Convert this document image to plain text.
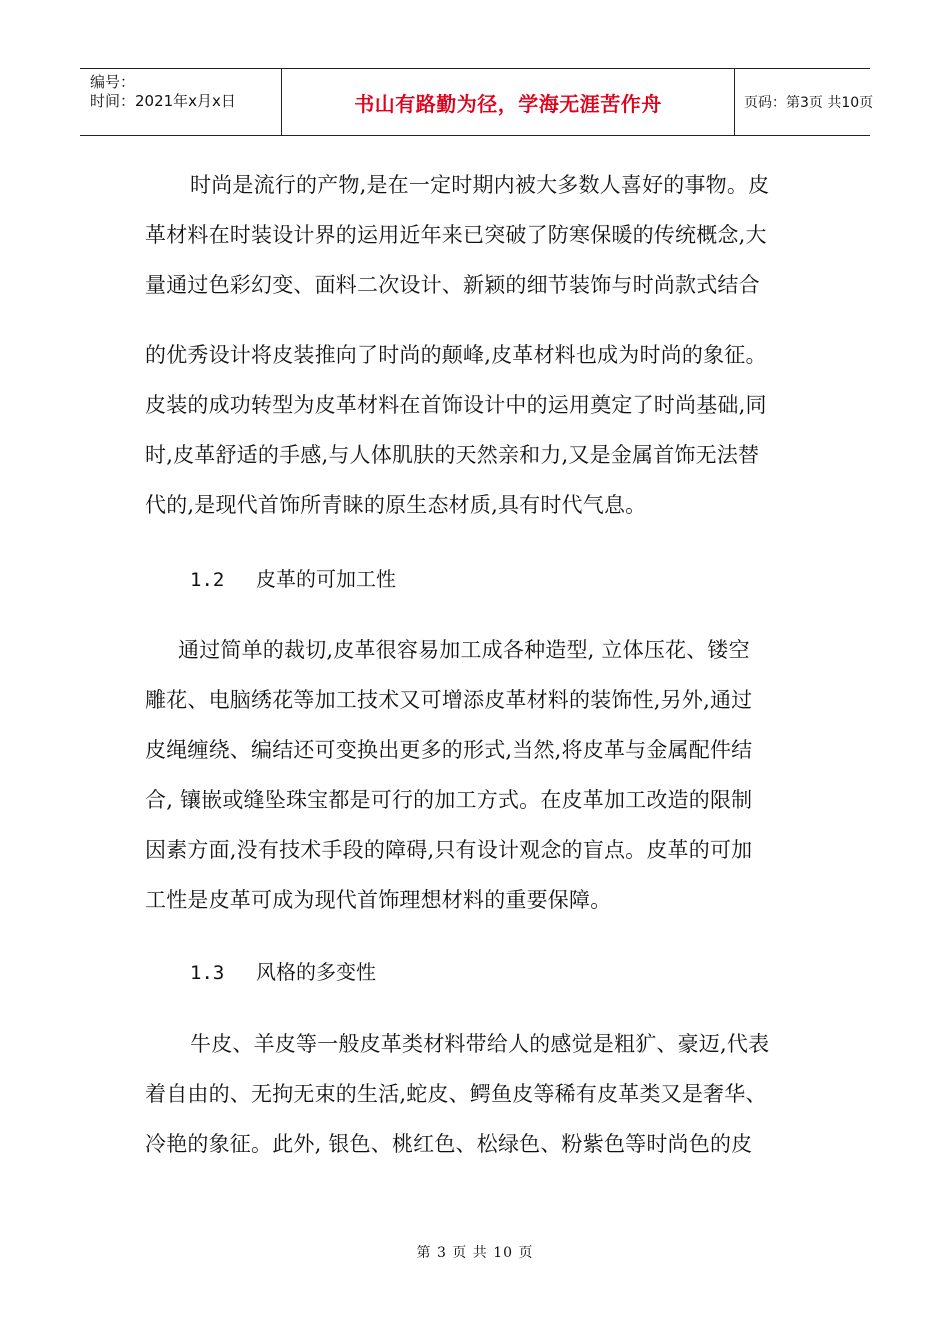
编号：
时间：2021年x月x日	书山有路勤为径，学海无涯苦作舟	页码：第3页 共10页
时尚是流行的产物,是在一定时期内被大多数人喜好的事物。皮
革材料在时装设计界的运用近年来已突破了防寒保暖的传统概念,大
量通过色彩幻变、面料二次设计、新颖的细节装饰与时尚款式结合
的优秀设计将皮装推向了时尚的颠峰,皮革材料也成为时尚的象征。
皮装的成功转型为皮革材料在首饰设计中的运用奠定了时尚基础,同
时,皮革舒适的手感,与人体肌肤的天然亲和力,又是金属首饰无法替
代的,是现代首饰所青睐的原生态材质,具有时代气息。
1.2 皮革的可加工性
通过简单的裁切,皮革很容易加工成各种造型, 立体压花、镂空
雕花、电脑绣花等加工技术又可增添皮革材料的装饰性,另外,通过
皮绳缠绕、编结还可变换出更多的形式,当然,将皮革与金属配件结
合, 镶嵌或缝坠珠宝都是可行的加工方式。在皮革加工改造的限制
因素方面,没有技术手段的障碍,只有设计观念的盲点。皮革的可加
工性是皮革可成为现代首饰理想材料的重要保障。
1.3 风格的多变性
牛皮、羊皮等一般皮革类材料带给人的感觉是粗犷、豪迈,代表
着自由的、无拘无束的生活,蛇皮、鳄鱼皮等稀有皮革类又是奢华、
冷艳的象征。此外, 银色、桃红色、松绿色、粉紫色等时尚色的皮
第 3 页 共 10 页
